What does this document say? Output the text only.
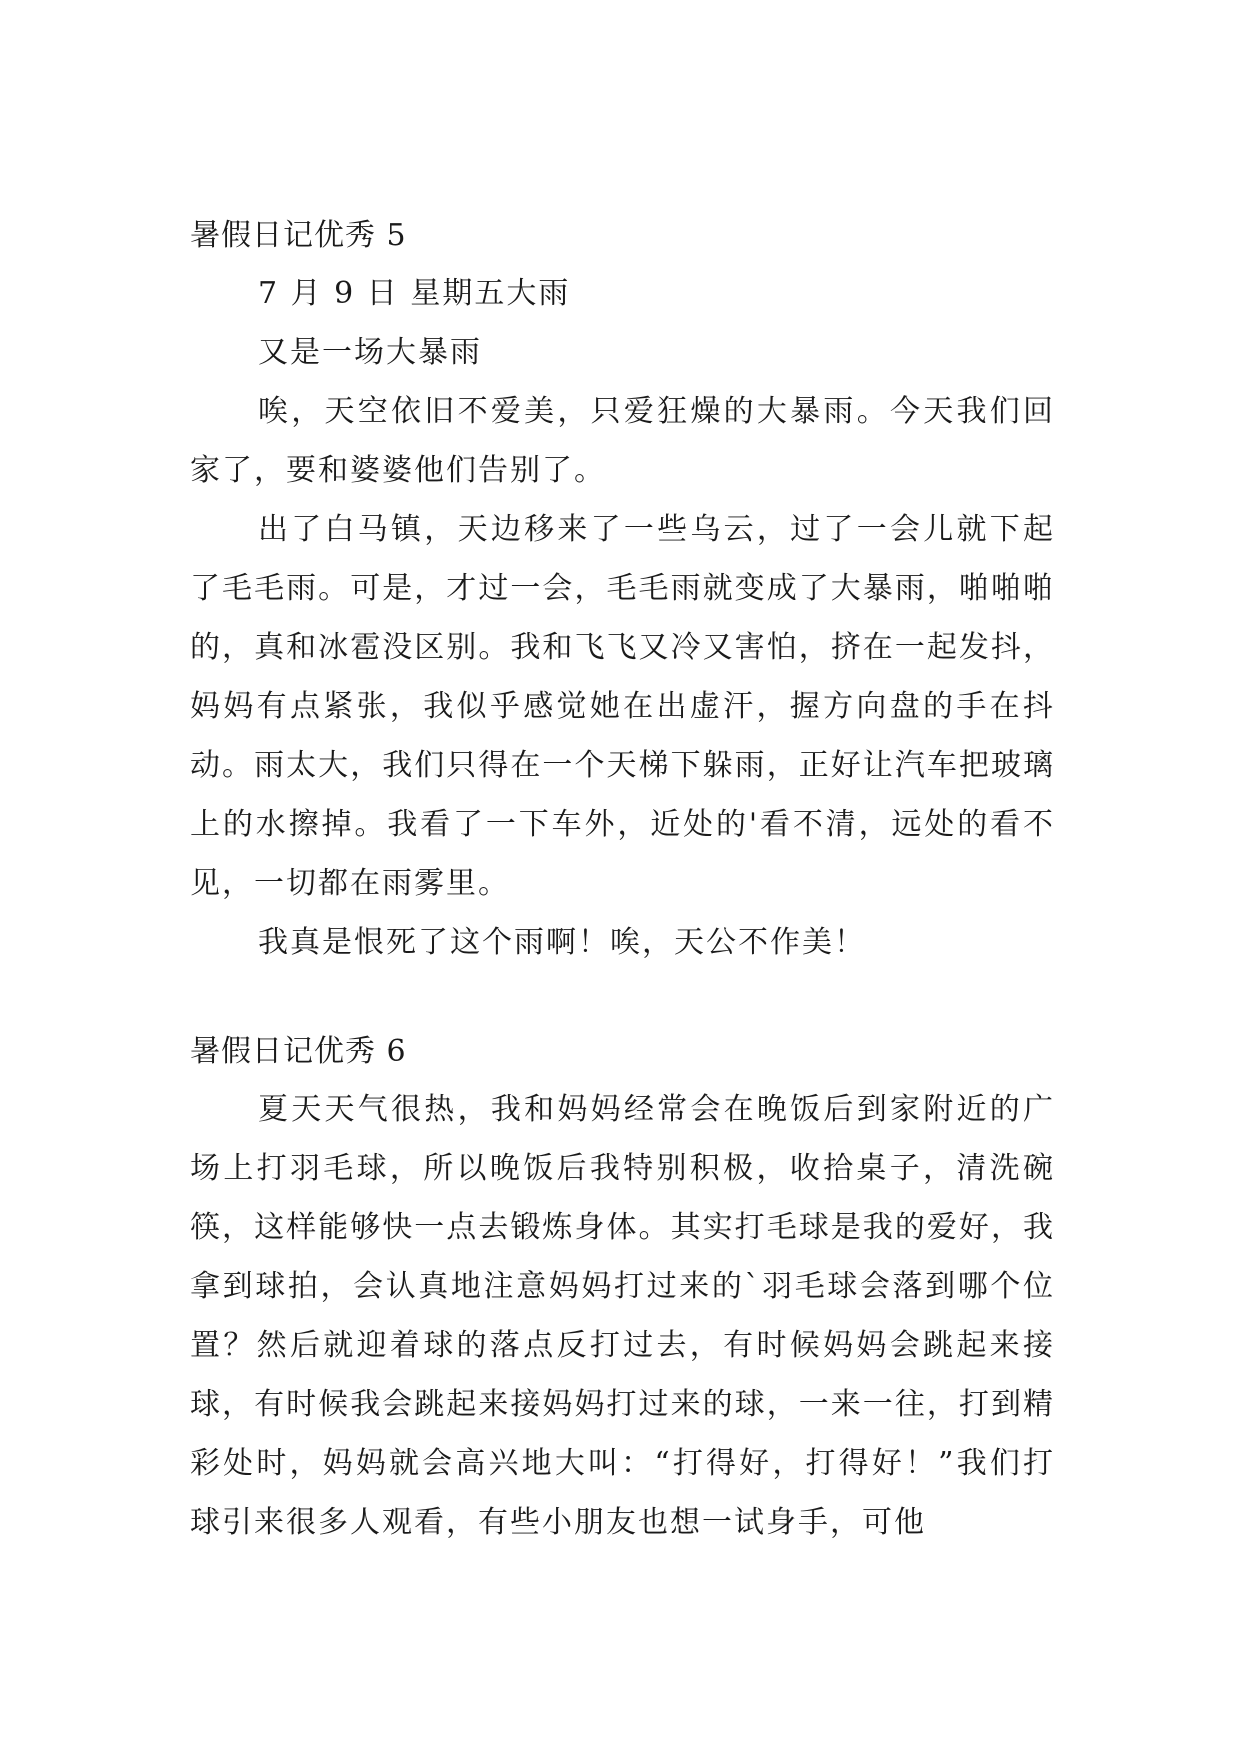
暑假日记优秀 5

7 月 9 日 星期五大雨

又是一场大暴雨

唉，天空依旧不爱美，只爱狂燥的大暴雨。今天我们回家了，要和婆婆他们告别了。

出了白马镇，天边移来了一些乌云，过了一会儿就下起了毛毛雨。可是，才过一会，毛毛雨就变成了大暴雨，啪啪啪的，真和冰雹没区别。我和飞飞又冷又害怕，挤在一起发抖，妈妈有点紧张，我似乎感觉她在出虚汗，握方向盘的手在抖动。雨太大，我们只得在一个天梯下躲雨，正好让汽车把玻璃上的水擦掉。我看了一下车外，近处的'看不清，远处的看不见，一切都在雨雾里。

我真是恨死了这个雨啊！唉，天公不作美！

暑假日记优秀 6

夏天天气很热，我和妈妈经常会在晚饭后到家附近的广场上打羽毛球，所以晚饭后我特别积极，收拾桌子，清洗碗筷，这样能够快一点去锻炼身体。其实打毛球是我的爱好，我拿到球拍，会认真地注意妈妈打过来的`羽毛球会落到哪个位置？然后就迎着球的落点反打过去，有时候妈妈会跳起来接球，有时候我会跳起来接妈妈打过来的球，一来一往，打到精彩处时，妈妈就会高兴地大叫：“打得好，打得好！”我们打球引来很多人观看，有些小朋友也想一试身手，可他
